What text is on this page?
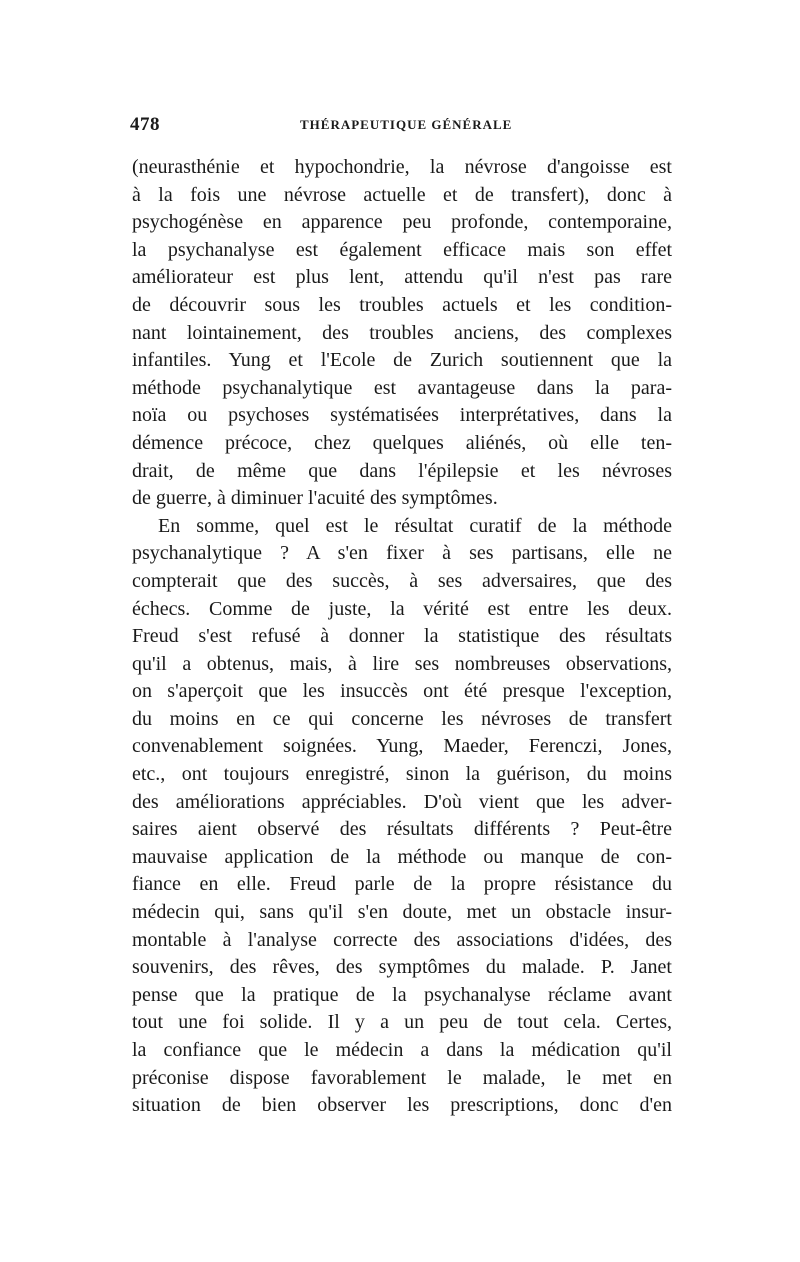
478	THÉRAPEUTIQUE GÉNÉRALE
(neurasthénie et hypochondrie, la névrose d'angoisse est
à la fois une névrose actuelle et de transfert), donc à
psychogénèse en apparence peu profonde, contemporaine,
la psychanalyse est également efficace mais son effet
améliorateur est plus lent, attendu qu'il n'est pas rare
de découvrir sous les troubles actuels et les condition-
nant lointainement, des troubles anciens, des complexes
infantiles. Yung et l'Ecole de Zurich soutiennent que la
méthode psychanalytique est avantageuse dans la para-
noïa ou psychoses systématisées interprétatives, dans la
démence précoce, chez quelques aliénés, où elle ten-
drait, de même que dans l'épilepsie et les névroses
de guerre, à diminuer l'acuité des symptômes.
En somme, quel est le résultat curatif de la méthode
psychanalytique ? A s'en fixer à ses partisans, elle ne
compterait que des succès, à ses adversaires, que des
échecs. Comme de juste, la vérité est entre les deux.
Freud s'est refusé à donner la statistique des résultats
qu'il a obtenus, mais, à lire ses nombreuses observations,
on s'aperçoit que les insuccès ont été presque l'exception,
du moins en ce qui concerne les névroses de transfert
convenablement soignées. Yung, Maeder, Ferenczi, Jones,
etc., ont toujours enregistré, sinon la guérison, du moins
des améliorations appréciables. D'où vient que les adver-
saires aient observé des résultats différents ? Peut-être
mauvaise application de la méthode ou manque de con-
fiance en elle. Freud parle de la propre résistance du
médecin qui, sans qu'il s'en doute, met un obstacle insur-
montable à l'analyse correcte des associations d'idées, des
souvenirs, des rêves, des symptômes du malade. P. Janet
pense que la pratique de la psychanalyse réclame avant
tout une foi solide. Il y a un peu de tout cela. Certes,
la confiance que le médecin a dans la médication qu'il
préconise dispose favorablement le malade, le met en
situation de bien observer les prescriptions, donc d'en
